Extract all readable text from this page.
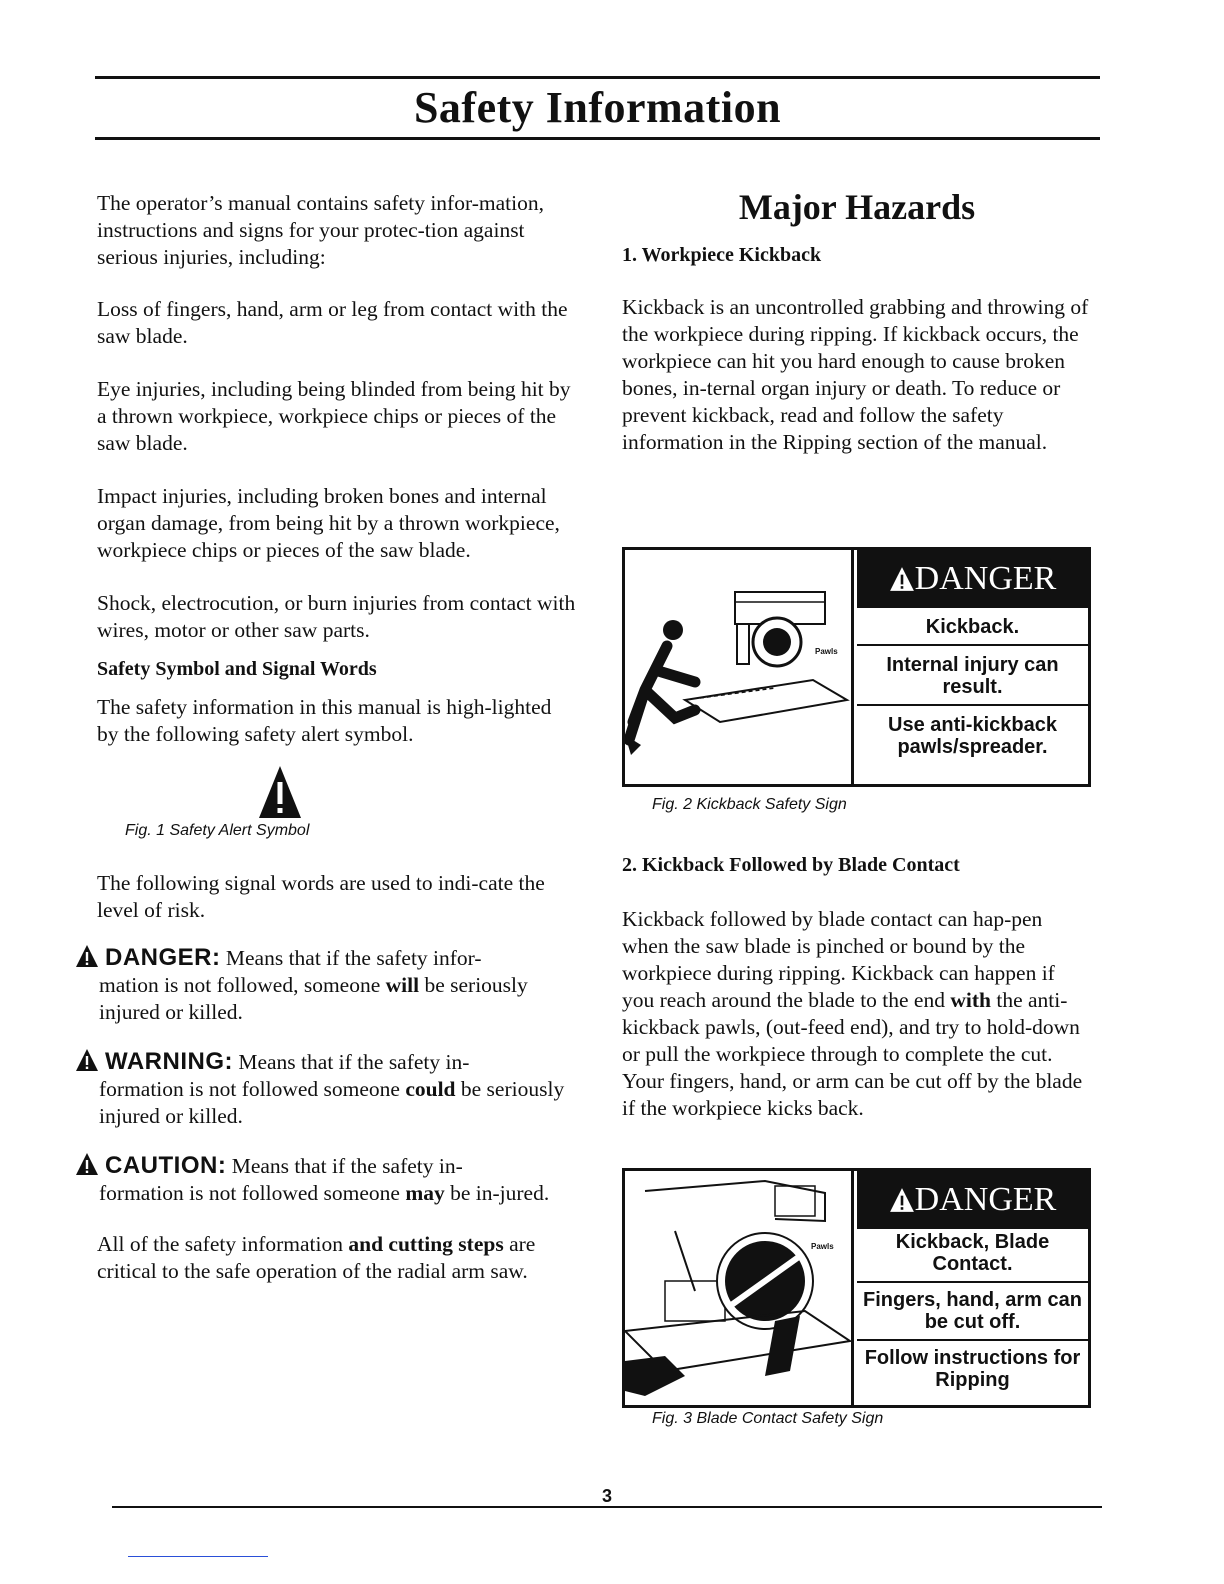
Safety Information

The operator’s manual contains safety infor-mation, instructions and signs for your protec-tion against serious injuries, including:

Loss of fingers, hand, arm or leg from contact with the saw blade.

Eye injuries, including being blinded from being hit by a thrown workpiece, workpiece chips or pieces of the saw blade.

Impact injuries, including broken bones and internal organ damage, from being hit by a thrown workpiece, workpiece chips or pieces of the saw blade.

Shock, electrocution, or burn injuries from contact with wires, motor or other saw parts.

Safety Symbol and Signal Words

The safety information in this manual is high-lighted by the following safety alert symbol.

Fig. 1 Safety Alert Symbol

The following signal words are used to indi-cate the level of risk.

DANGER: Means that if the safety infor-

mation is not followed, someone will be seriously injured or killed.

WARNING: Means that if the safety in-

formation is not followed someone could be seriously injured or killed.

CAUTION: Means that if the safety in-

formation is not followed someone may be in-jured.

All of the safety information and cutting steps are critical to the safe operation of the radial arm saw.

Major Hazards

1. Workpiece Kickback

Kickback is an uncontrolled grabbing and throwing of the workpiece during ripping. If kickback occurs, the workpiece can hit you hard enough to cause broken bones, in-ternal organ injury or death. To reduce or prevent kickback, read and follow the safety information in the Ripping section of the manual.

Pawls
DANGER
Kickback.
Internal injury can result.
Use anti-kickback pawls/spreader.
Fig. 2 Kickback Safety Sign

2. Kickback Followed by Blade Contact

Kickback followed by blade contact can hap-pen when the saw blade is pinched or bound by the workpiece during ripping. Kickback can happen if you reach around the blade to the end with the anti-kickback pawls, (out-feed end), and try to hold-down or pull the workpiece through to complete the cut. Your fingers, hand, or arm can be cut off by the blade if the workpiece kicks back.

Pawls
DANGER
Kickback, Blade Contact.
Fingers, hand, arm can be cut off.
Follow instructions for Ripping
Fig. 3 Blade Contact Safety Sign
3
